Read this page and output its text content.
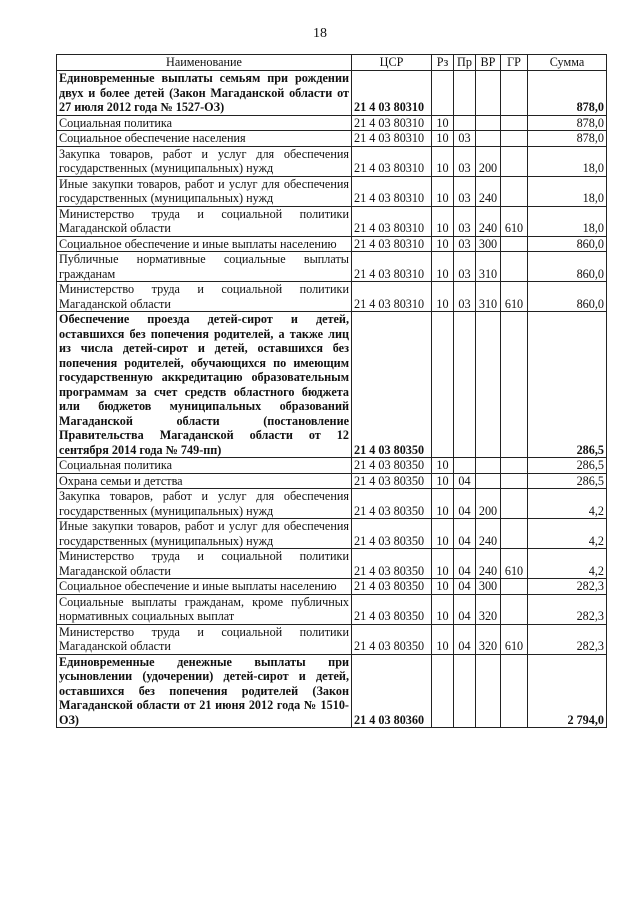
18
Наименование	ЦСР	Рз	Пр	ВР	ГР	Сумма
Единовременные выплаты семьям при рождении двух и более детей (Закон Магаданской области от 27 июля 2012 года № 1527-ОЗ)	21 4 03 80310					878,0
Социальная политика	21 4 03 80310	10				878,0
Социальное обеспечение населения	21 4 03 80310	10	03			878,0
Закупка товаров, работ и услуг для обеспечения государственных (муниципальных) нужд	21 4 03 80310	10	03	200		18,0
Иные закупки товаров, работ и услуг для обеспечения государственных (муниципальных) нужд	21 4 03 80310	10	03	240		18,0
Министерство труда и социальной политики Магаданской области	21 4 03 80310	10	03	240	610	18,0
Социальное обеспечение и иные выплаты населению	21 4 03 80310	10	03	300		860,0
Публичные нормативные социальные выплаты гражданам	21 4 03 80310	10	03	310		860,0
Министерство труда и социальной политики Магаданской области	21 4 03 80310	10	03	310	610	860,0
Обеспечение проезда детей-сирот и детей, оставшихся без попечения родителей, а также лиц из числа детей-сирот и детей, оставшихся без попечения родителей, обучающихся по имеющим государственную аккредитацию образовательным программам за счет средств областного бюджета или бюджетов муниципальных образований Магаданской области (постановление Правительства Магаданской области от 12 сентября 2014 года № 749-пп)	21 4 03 80350					286,5
Социальная политика	21 4 03 80350	10				286,5
Охрана семьи и детства	21 4 03 80350	10	04			286,5
Закупка товаров, работ и услуг для обеспечения государственных (муниципальных) нужд	21 4 03 80350	10	04	200		4,2
Иные закупки товаров, работ и услуг для обеспечения государственных (муниципальных) нужд	21 4 03 80350	10	04	240		4,2
Министерство труда и социальной политики Магаданской области	21 4 03 80350	10	04	240	610	4,2
Социальное обеспечение и иные выплаты населению	21 4 03 80350	10	04	300		282,3
Социальные выплаты гражданам, кроме публичных нормативных социальных выплат	21 4 03 80350	10	04	320		282,3
Министерство труда и социальной политики Магаданской области	21 4 03 80350	10	04	320	610	282,3
Единовременные денежные выплаты при усыновлении (удочерении) детей-сирот и детей, оставшихся без попечения родителей (Закон Магаданской области от 21 июня 2012 года № 1510-ОЗ)	21 4 03 80360					2 794,0
